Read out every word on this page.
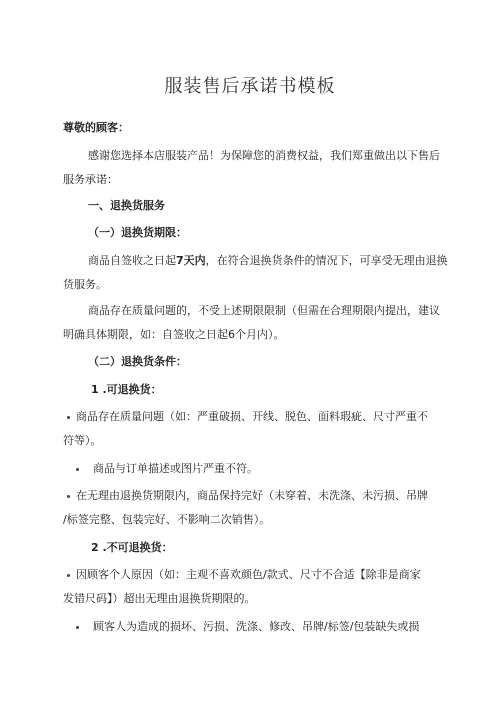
服装售后承诺书模板
尊敬的顾客：
感谢您选择本店服装产品！为保障您的消费权益，我们郑重做出以下售后
服务承诺：
一、退换货服务
（一）退换货期限：
商品自签收之日起7天内，在符合退换货条件的情况下，可享受无理由退换
货服务。
商品存在质量问题的，不受上述期限限制（但需在合理期限内提出，建议
明确具体期限，如：自签收之日起6个月内）。
（二）退换货条件：
1 .可退换货：
商品存在质量问题（如：严重破损、开线、脱色、面料瑕疵、尺寸严重不
符等）。
商品与订单描述或图片严重不符。
在无理由退换货期限内，商品保持完好（未穿着、未洗涤、未污损、吊牌
/标签完整、包装完好、不影响二次销售）。
2 .不可退换货：
因顾客个人原因（如：主观不喜欢颜色/款式、尺寸不合适【除非是商家
发错尺码】）超出无理由退换货期限的。
顾客人为造成的损坏、污损、洗涤、修改、吊牌/标签/包装缺失或损
